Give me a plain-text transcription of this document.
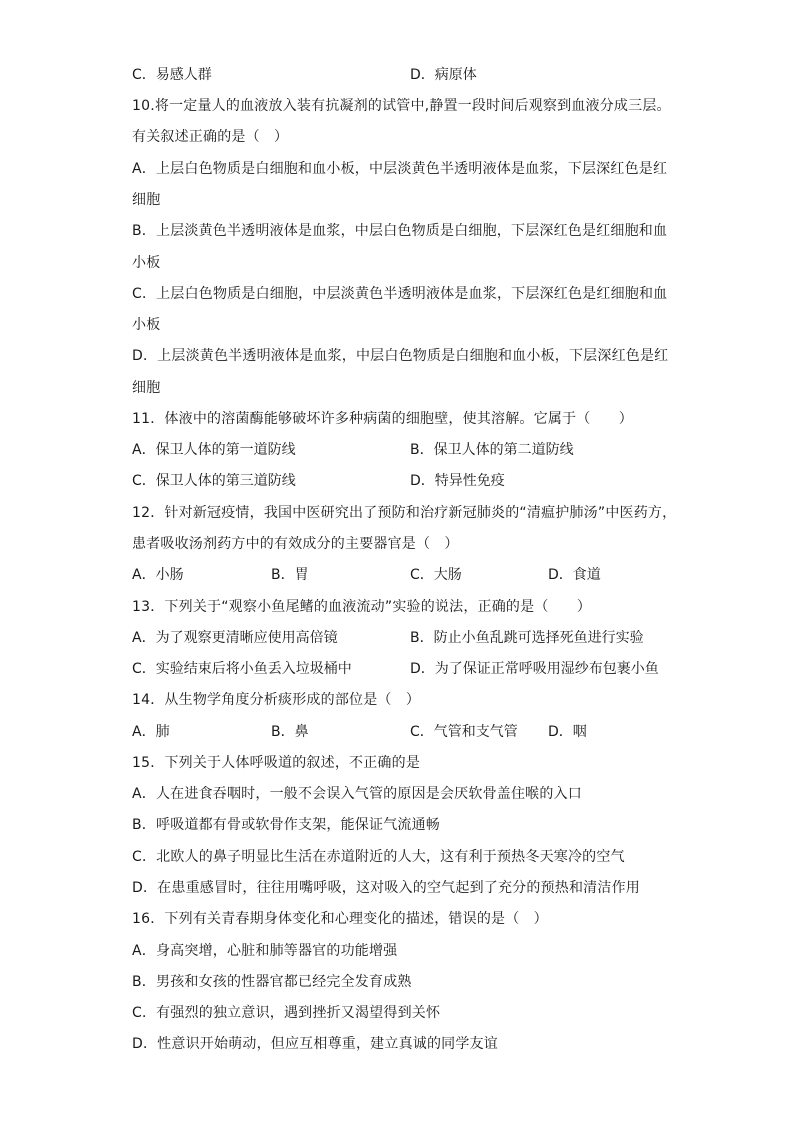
C．易感人群	D．病原体
10.将一定量人的血液放入装有抗凝剂的试管中,静置一段时间后观察到血液分成三层。
有关叙述正确的是（　）
A．上层白色物质是白细胞和血小板，中层淡黄色半透明液体是血浆，下层深红色是红
细胞
B．上层淡黄色半透明液体是血浆，中层白色物质是白细胞，下层深红色是红细胞和血
小板
C．上层白色物质是白细胞，中层淡黄色半透明液体是血浆，下层深红色是红细胞和血
小板
D．上层淡黄色半透明液体是血浆，中层白色物质是白细胞和血小板，下层深红色是红
细胞
11．体液中的溶菌酶能够破坏许多种病菌的细胞壁，使其溶解。它属于（　　）
A．保卫人体的第一道防线	B．保卫人体的第二道防线
C．保卫人体的第三道防线	D．特异性免疫
12．针对新冠疫情，我国中医研究出了预防和治疗新冠肺炎的“清瘟护肺汤”中医药方，
患者吸收汤剂药方中的有效成分的主要器官是（　）
A．小肠	B．胃	C．大肠	D．食道
13．下列关于“观察小鱼尾鳍的血液流动”实验的说法，正确的是（　　）
A．为了观察更清晰应使用高倍镜	B．防止小鱼乱跳可选择死鱼进行实验
C．实验结束后将小鱼丢入垃圾桶中	D．为了保证正常呼吸用湿纱布包裹小鱼
14．从生物学角度分析痰形成的部位是（　）
A．肺	B．鼻	C．气管和支气管 D．咽
15．下列关于人体呼吸道的叙述，不正确的是
A．人在进食吞咽时，一般不会误入气管的原因是会厌软骨盖住喉的入口
B．呼吸道都有骨或软骨作支架，能保证气流通畅
C．北欧人的鼻子明显比生活在赤道附近的人大，这有利于预热冬天寒冷的空气
D．在患重感冒时，往往用嘴呼吸，这对吸入的空气起到了充分的预热和清洁作用
16．下列有关青春期身体变化和心理变化的描述，错误的是（　）
A．身高突增，心脏和肺等器官的功能增强
B．男孩和女孩的性器官都已经完全发育成熟
C．有强烈的独立意识，遇到挫折又渴望得到关怀
D．性意识开始萌动，但应互相尊重，建立真诚的同学友谊
